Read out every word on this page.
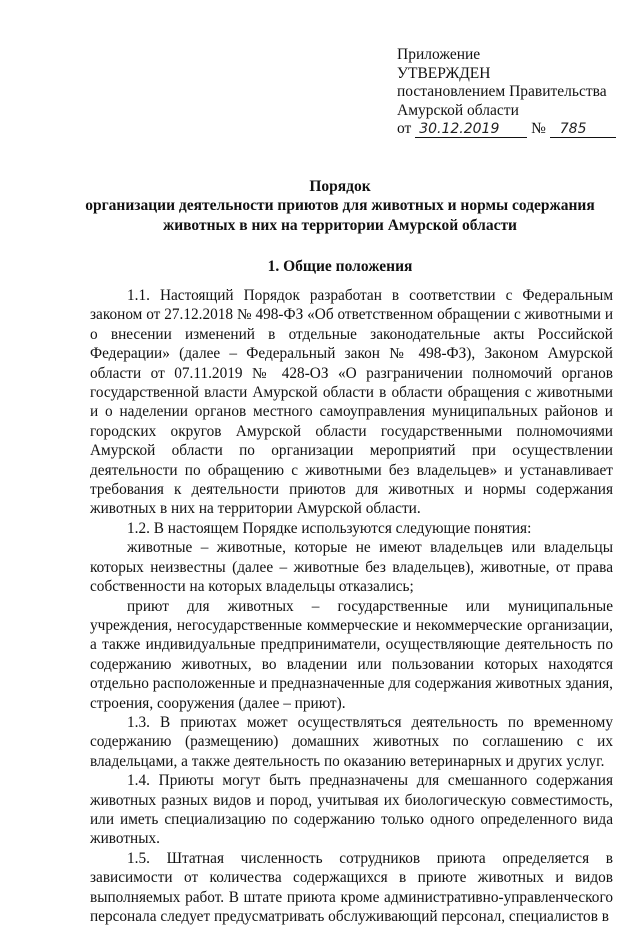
Приложение
УТВЕРЖДЕН
постановлением Правительства
Амурской области
от 30.12.2019 № 785
Порядок
организации деятельности приютов для животных и нормы содержания
животных в них на территории Амурской области
1. Общие положения

1.1. Настоящий Порядок разработан в соответствии с Федеральным законом от 27.12.2018 № 498-ФЗ «Об ответственном обращении с животными и о внесении изменений в отдельные законодательные акты Российской Федерации» (далее – Федеральный закон № 498-ФЗ), Законом Амурской области от 07.11.2019 № 428-ОЗ «О разграничении полномочий органов государственной власти Амурской области в области обращения с животными и о наделении органов местного самоуправления муниципальных районов и городских округов Амурской области государственными полномочиями Амурской области по организации мероприятий при осуществлении деятельности по обращению с животными без владельцев» и устанавливает требования к деятельности приютов для животных и нормы содержания животных в них на территории Амурской области.

1.2. В настоящем Порядке используются следующие понятия:

животные – животные, которые не имеют владельцев или владельцы которых неизвестны (далее – животные без владельцев), животные, от права собственности на которых владельцы отказались;

приют для животных – государственные или муниципальные учреждения, негосударственные коммерческие и некоммерческие организации, а также индивидуальные предприниматели, осуществляющие деятельность по содержанию животных, во владении или пользовании которых находятся отдельно расположенные и предназначенные для содержания животных здания, строения, сооружения (далее – приют).

1.3. В приютах может осуществляться деятельность по временному содержанию (размещению) домашних животных по соглашению с их владельцами, а также деятельность по оказанию ветеринарных и других услуг.

1.4. Приюты могут быть предназначены для смешанного содержания животных разных видов и пород, учитывая их биологическую совместимость, или иметь специализацию по содержанию только одного определенного вида животных.

1.5. Штатная численность сотрудников приюта определяется в зависимости от количества содержащихся в приюте животных и видов выполняемых работ. В штате приюта кроме административно-управленческого персонала следует предусматривать обслуживающий персонал, специалистов в
